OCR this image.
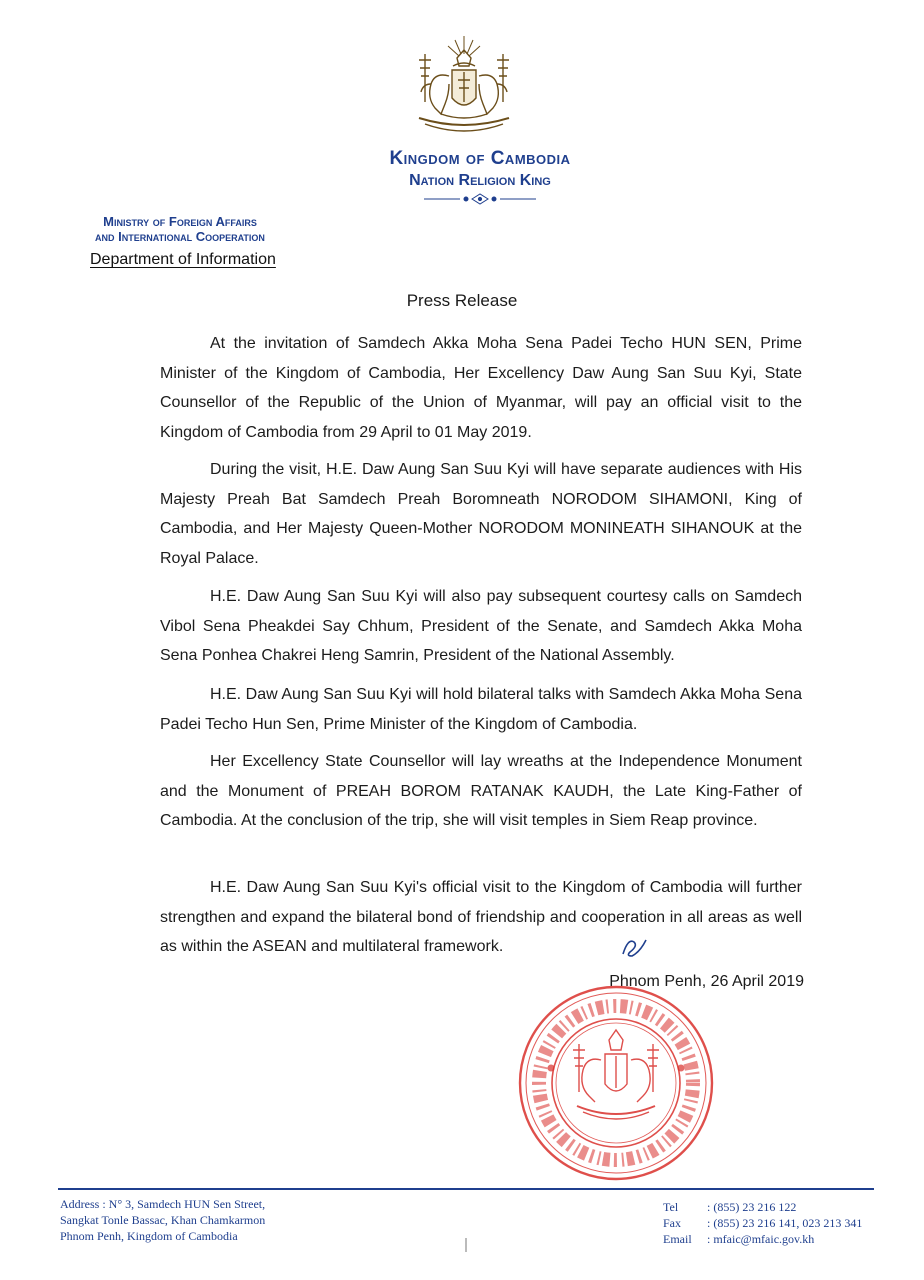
Kingdom of Cambodia
Nation Religion King
Ministry of Foreign Affairs
and International Cooperation
Department of Information
Press Release
At the invitation of Samdech Akka Moha Sena Padei Techo HUN SEN, Prime Minister of the Kingdom of Cambodia, Her Excellency Daw Aung San Suu Kyi, State Counsellor of the Republic of the Union of Myanmar, will pay an official visit to the Kingdom of Cambodia from 29 April to 01 May 2019.
During the visit, H.E. Daw Aung San Suu Kyi will have separate audiences with His Majesty Preah Bat Samdech Preah Boromneath NORODOM SIHAMONI, King of Cambodia, and Her Majesty Queen-Mother NORODOM MONINEATH SIHANOUK at the Royal Palace.
H.E. Daw Aung San Suu Kyi will also pay subsequent courtesy calls on Samdech Vibol Sena Pheakdei Say Chhum, President of the Senate, and Samdech Akka Moha Sena Ponhea Chakrei Heng Samrin, President of the National Assembly.
H.E. Daw Aung San Suu Kyi will hold bilateral talks with Samdech Akka Moha Sena Padei Techo Hun Sen, Prime Minister of the Kingdom of Cambodia.
Her Excellency State Counsellor will lay wreaths at the Independence Monument and the Monument of PREAH BOROM RATANAK KAUDH, the Late King-Father of Cambodia. At the conclusion of the trip, she will visit temples in Siem Reap province.
H.E. Daw Aung San Suu Kyi's official visit to the Kingdom of Cambodia will further strengthen and expand the bilateral bond of friendship and cooperation in all areas as well as within the ASEAN and multilateral framework.
Phnom Penh, 26 April 2019
Address : N° 3, Samdech HUN Sen Street,
Sangkat Tonle Bassac, Khan Chamkarmon
Phnom Penh, Kingdom of Cambodia
Tel : (855) 23 216 122
Fax : (855) 23 216 141, 023 213 341
Email : mfaic@mfaic.gov.kh
